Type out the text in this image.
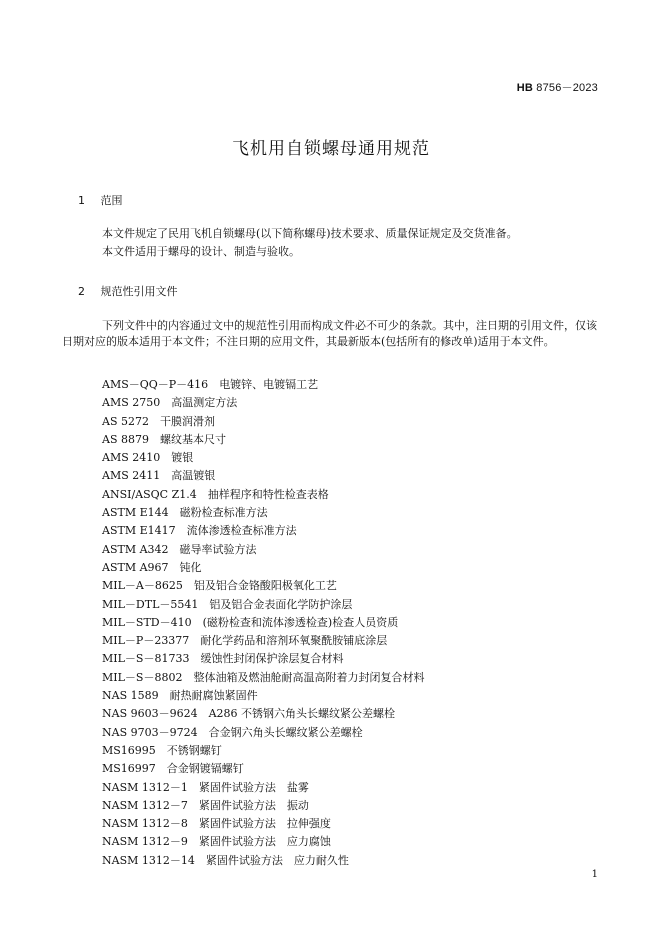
HB 8756－2023
飞机用自锁螺母通用规范
1 范围
本文件规定了民用飞机自锁螺母(以下简称螺母)技术要求、质量保证规定及交货准备。
本文件适用于螺母的设计、制造与验收。
2 规范性引用文件
下列文件中的内容通过文中的规范性引用而构成文件必不可少的条款。其中，注日期的引用文件，仅该日期对应的版本适用于本文件；不注日期的应用文件，其最新版本(包括所有的修改单)适用于本文件。
AMS－QQ－P－416　 电镀锌、电镀镉工艺
AMS 2750　 高温测定方法
AS 5272　 干膜润滑剂
AS 8879　 螺纹基本尺寸
AMS 2410　 镀银
AMS 2411　 高温镀银
ANSI/ASQC Z1.4　 抽样程序和特性检查表格
ASTM E144　 磁粉检查标准方法
ASTM E1417　 流体渗透检查标准方法
ASTM A342　 磁导率试验方法
ASTM A967　 钝化
MIL－A－8625　 铝及铝合金铬酸阳极氧化工艺
MIL－DTL－5541　 铝及铝合金表面化学防护涂层
MIL－STD－410　 (磁粉检查和流体渗透检查)检查人员资质
MIL－P－23377　 耐化学药品和溶剂环氧聚酰胺铺底涂层
MIL－S－81733　 缓蚀性封闭保护涂层复合材料
MIL－S－8802　 整体油箱及燃油舱耐高温高附着力封闭复合材料
NAS 1589　 耐热耐腐蚀紧固件
NAS 9603－9624　 A286 不锈钢六角头长螺纹紧公差螺栓
NAS 9703－9724　 合金钢六角头长螺纹紧公差螺栓
MS16995　 不锈钢螺钉
MS16997　 合金钢镀镉螺钉
NASM 1312－1　 紧固件试验方法　盐雾
NASM 1312－7　 紧固件试验方法　振动
NASM 1312－8　 紧固件试验方法　拉伸强度
NASM 1312－9　 紧固件试验方法　应力腐蚀
NASM 1312－14　 紧固件试验方法　应力耐久性
1
